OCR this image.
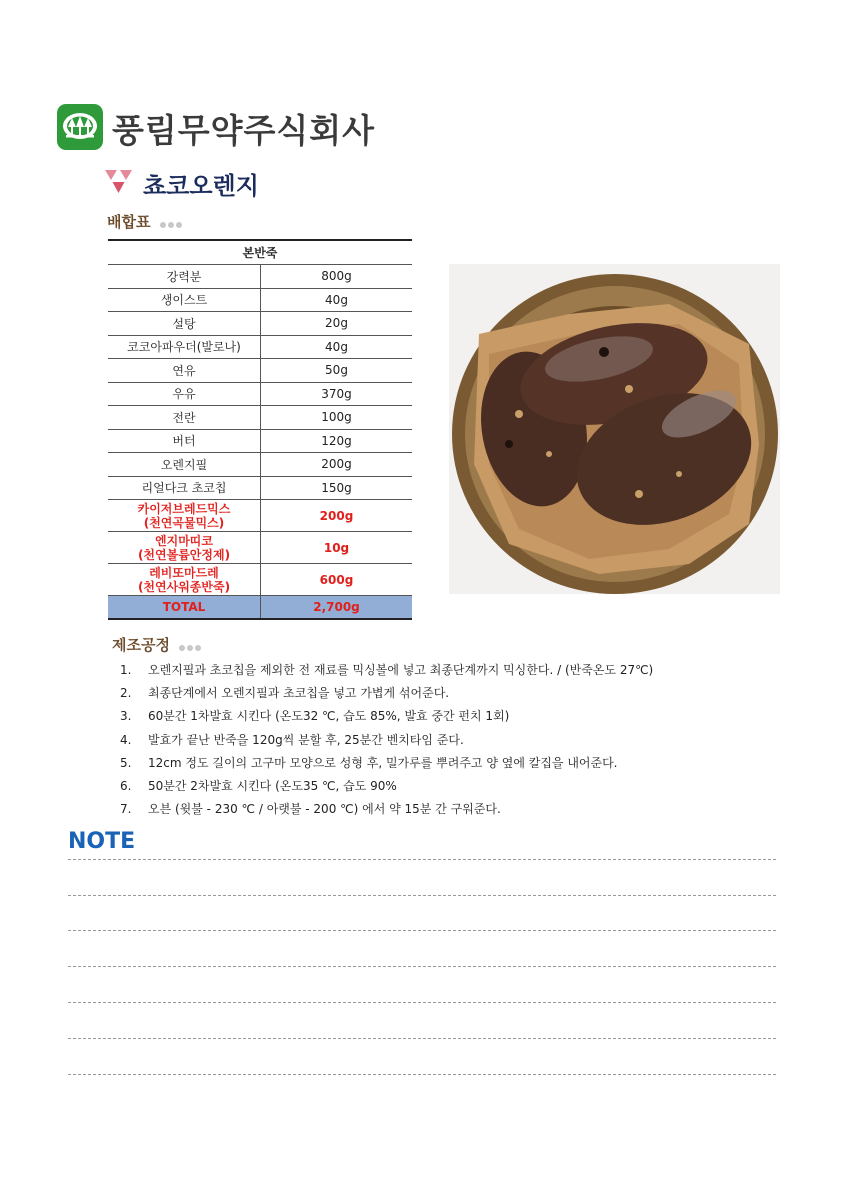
풍림무약주식회사
쵸코오렌지
배합표
본반죽	
강력분	800g
생이스트	40g
설탕	20g
코코아파우더(발로나)	40g
연유	50g
우유	370g
전란	100g
버터	120g
오렌지필	200g
리얼다크 초코칩	150g
카이저브레드믹스
(천연곡물믹스)	200g
엔지마띠코
(천연볼륨안정제)	10g
레비또마드레
(천연사워종반죽)	600g
TOTAL	2,700g
제조공정
1. 오렌지필과 초코칩을 제외한 전 재료를 믹싱볼에 넣고 최종단계까지 믹싱한다. / (반죽온도 27℃)
2. 최종단계에서 오렌지필과 초코칩을 넣고 가볍게 섞어준다.
3. 60분간 1차발효 시킨다 (온도32 ℃, 습도 85%, 발효 중간 펀치 1회)
4. 발효가 끝난 반죽을 120g씩 분할 후, 25분간 벤치타임 준다.
5. 12cm 정도 길이의 고구마 모양으로 성형 후, 밀가루를 뿌려주고 양 옆에 칼집을 내어준다.
6. 50분간 2차발효 시킨다 (온도35 ℃, 습도 90%
7. 오븐 (윗불 - 230 ℃ / 아랫불 - 200 ℃) 에서 약 15분 간 구워준다.
NOTE
